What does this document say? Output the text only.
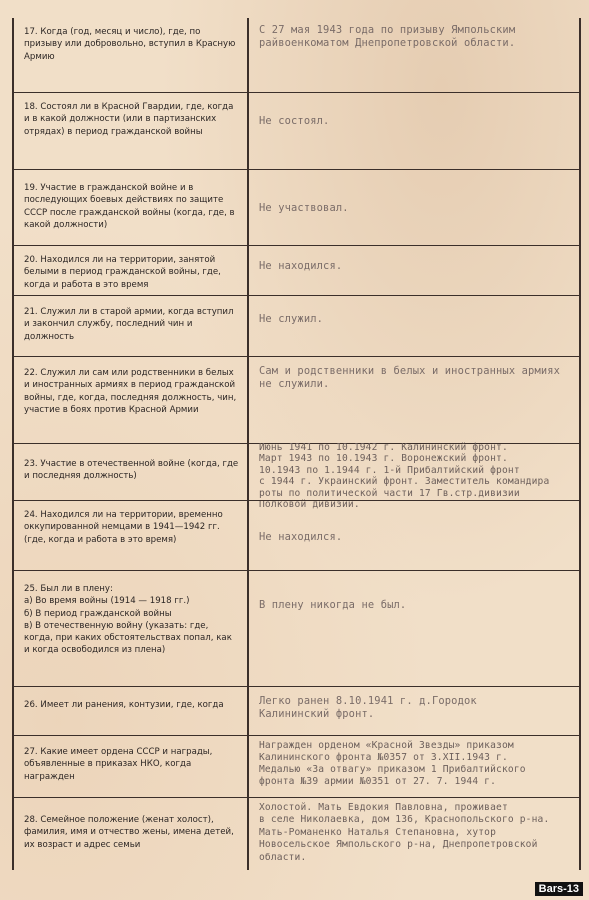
17. Когда (год, месяц и число), где, по призыву или добровольно, вступил в Красную Армию
С 27 мая 1943 года по призыву Ямпольским райвоенкоматом Днепропетровской области.
18. Состоял ли в Красной Гвардии, где, когда и в какой должности (или в партизанских отрядах) в период гражданской войны
Не состоял.
19. Участие в гражданской войне и в последующих боевых действиях по защите СССР после гражданской войны (когда, где, в какой должности)
Не участвовал.
20. Находился ли на территории, занятой белыми в период гражданской войны, где, когда и работа в это время
Не находился.
21. Служил ли в старой армии, когда вступил и закончил службу, последний чин и должность
Не служил.
22. Служил ли сам или родственники в белых и иностранных армиях в период гражданской войны, где, когда, последняя должность, чин, участие в боях против Красной Армии
Сам и родственники в белых и иностранных армиях не служили.
23. Участие в отечественной войне (когда, где и последняя должность)
Июнь 1941 по 10.1942 г. Калининский фронт.
Март 1943 по 10.1943 г. Воронежский фронт.
10.1943 по 1.1944 г. 1-й Прибалтийский фронт
с 1944 г. Украинский фронт. Заместитель командира роты по политической части 17 Гв.стр.дивизии
Полковой дивизии.
24. Находился ли на территории, временно оккупированной немцами в 1941—1942 гг. (где, когда и работа в это время)	Не находился.
25. Был ли в плену:
а) Во время войны (1914 — 1918 гг.)
б) В период гражданской войны
в) В отечественную войну (указать: где, когда, при каких обстоятельствах попал, как и когда освободился из плена)
В плену никогда не был.
26. Имеет ли ранения, контузии, где, когда	Легко ранен 8.10.1941 г. д.Городок
Калининский фронт.
27. Какие имеет ордена СССР и награды, объявленные в приказах НКО, когда награжден
Награжден орденом «Красной Звезды» приказом
Калининского фронта №0357 от 3.XII.1943 г.
Медалью «За отвагу» приказом 1 Прибалтийского
фронта №39 армии №0351 от 27. 7. 1944 г.
28. Семейное положение (женат холост), фамилия, имя и отчество жены, имена детей, их возраст и адрес семьи
Холостой. Мать Евдокия Павловна, проживает
в селе Николаевка, дом 136, Краснопольского р-на.
Мать-Романенко Наталья Степановна, хутор
Новосельское Ямпольского р-на, Днепропетровской области.
Bars-13
